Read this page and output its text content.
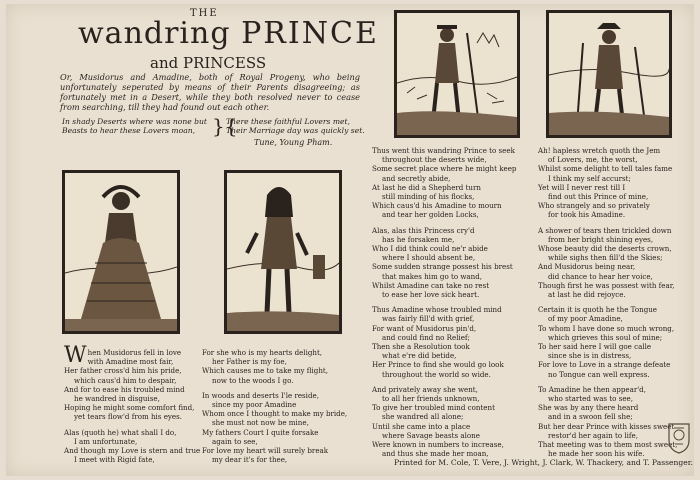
THE
wandring PRINCE
and PRINCESS
Or, Musidorus and Amadine, both of Royal Progeny, who being unfortunately seperated by means of their Parents disagreeing; as fortunately met in a Desert, while they both resolved never to cease from searching, till they had found out each other.
In shady Deserts where was none but Beasts to hear these Lovers moan, }{
There these faithful Lovers met, Their Marriage day was quickly set.
Tune, Young Pham.
W hen Musidorus fell in love

with Amadine most fair,

Her father cross'd him his pride,

which caus'd him to despair,

And for to ease his troubled mind

he wandred in disguise,

Hoping he might some comfort find,

yet tears flow'd from his eyes.

Alas (quoth he) what shall I do,

I am unfortunate,

And though my Love is stern and true

I meet with Rigid fate,

For she who is my hearts delight,

her Father is my foe,

Which causes me to take my flight,

now to the woods I go.

In woods and deserts I'le reside,

since my poor Amadine

Whom once I thought to make my bride,

she must not now be mine,

My fathers Court I quite forsake

again to see,

For love my heart will surely break

my dear it's for thee,

Thus went this wandring Prince to seek

throughout the deserts wide,

Some secret place where he might keep

and secretly abide,

At last he did a Shepherd turn

still minding of his flocks,

Which caus'd his Amadine to mourn

and tear her golden Locks,

Alas, alas this Princess cry'd

has he forsaken me,

Who I did think could ne'r abide

where I should absent be,

Some sudden strange possest his brest

that makes him go to wand,

Whilst Amadine can take no rest

to ease her love sick heart.

Thus Amadine whose troubled mind

was fairly fill'd with grief,

For want of Musidorus pin'd,

and could find no Relief;

Then she a Resolution took

what e're did betide,

Her Prince to find she would go look

throughout the world so wide.

And privately away she went,

to all her friends unknown,

To give her troubled mind content

she wandred all alone;

Until she came into a place

where Savage beasts alone

Were known in numbers to increase,

and thus she made her moan,

Ah! hapless wretch quoth the Jem

of Lovers, me, the worst,

Whilst some delight to tell tales fame

I think my self accurst;

Yet will I never rest till I

find out this Prince of mine,

Who strangely and so privately

for took his Amadine.

A shower of tears then trickled down

from her bright shining eyes,

Whose beauty did the deserts crown,

while sighs then fill'd the Skies;

And Musidorus being near,

did chance to hear her voice,

Though first he was possest with fear,

at last he did rejoyce.

Certain it is quoth he the Tongue

of my poor Amadine,

To whom I have done so much wrong,

which grieves this soul of mine;

To her said here I will goe calle

since she is in distress,

For love to Love in a strange defeate

no Tongue can well express.

To Amadine he then appear'd,

who started was to see,

She was by any there heard

and in a swoon fell she;

But her dear Prince with kisses sweet

restor'd her again to life,

That meeting was to them most sweet,

he made her soon his wife.

Printed for M. Cole, T. Vere, J. Wright, J. Clark, W. Thackery, and T. Passenger.
